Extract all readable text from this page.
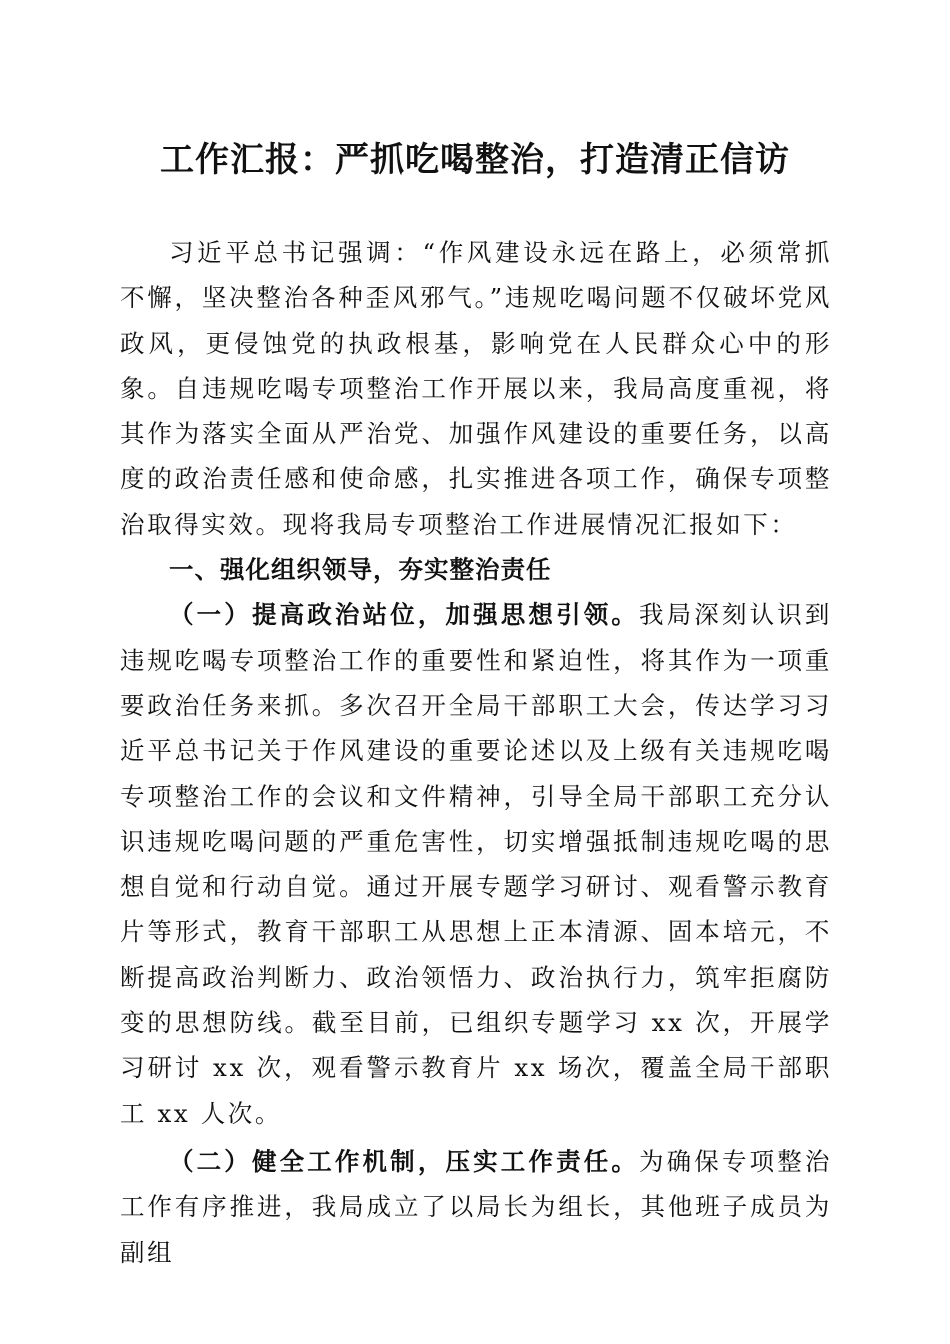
工作汇报：严抓吃喝整治，打造清正信访

习近平总书记强调：“作风建设永远在路上，必须常抓不懈，坚决整治各种歪风邪气。”违规吃喝问题不仅破坏党风政风，更侵蚀党的执政根基，影响党在人民群众心中的形象。自违规吃喝专项整治工作开展以来，我局高度重视，将其作为落实全面从严治党、加强作风建设的重要任务，以高度的政治责任感和使命感，扎实推进各项工作，确保专项整治取得实效。现将我局专项整治工作进展情况汇报如下：

一、强化组织领导，夯实整治责任

（一）提高政治站位，加强思想引领。我局深刻认识到违规吃喝专项整治工作的重要性和紧迫性，将其作为一项重要政治任务来抓。多次召开全局干部职工大会，传达学习习近平总书记关于作风建设的重要论述以及上级有关违规吃喝专项整治工作的会议和文件精神，引导全局干部职工充分认识违规吃喝问题的严重危害性，切实增强抵制违规吃喝的思想自觉和行动自觉。通过开展专题学习研讨、观看警示教育片等形式，教育干部职工从思想上正本清源、固本培元，不断提高政治判断力、政治领悟力、政治执行力，筑牢拒腐防变的思想防线。截至目前，已组织专题学习 xx 次，开展学习研讨 xx 次，观看警示教育片 xx 场次，覆盖全局干部职工 xx 人次。

（二）健全工作机制，压实工作责任。为确保专项整治工作有序推进，我局成立了以局长为组长，其他班子成员为副组
